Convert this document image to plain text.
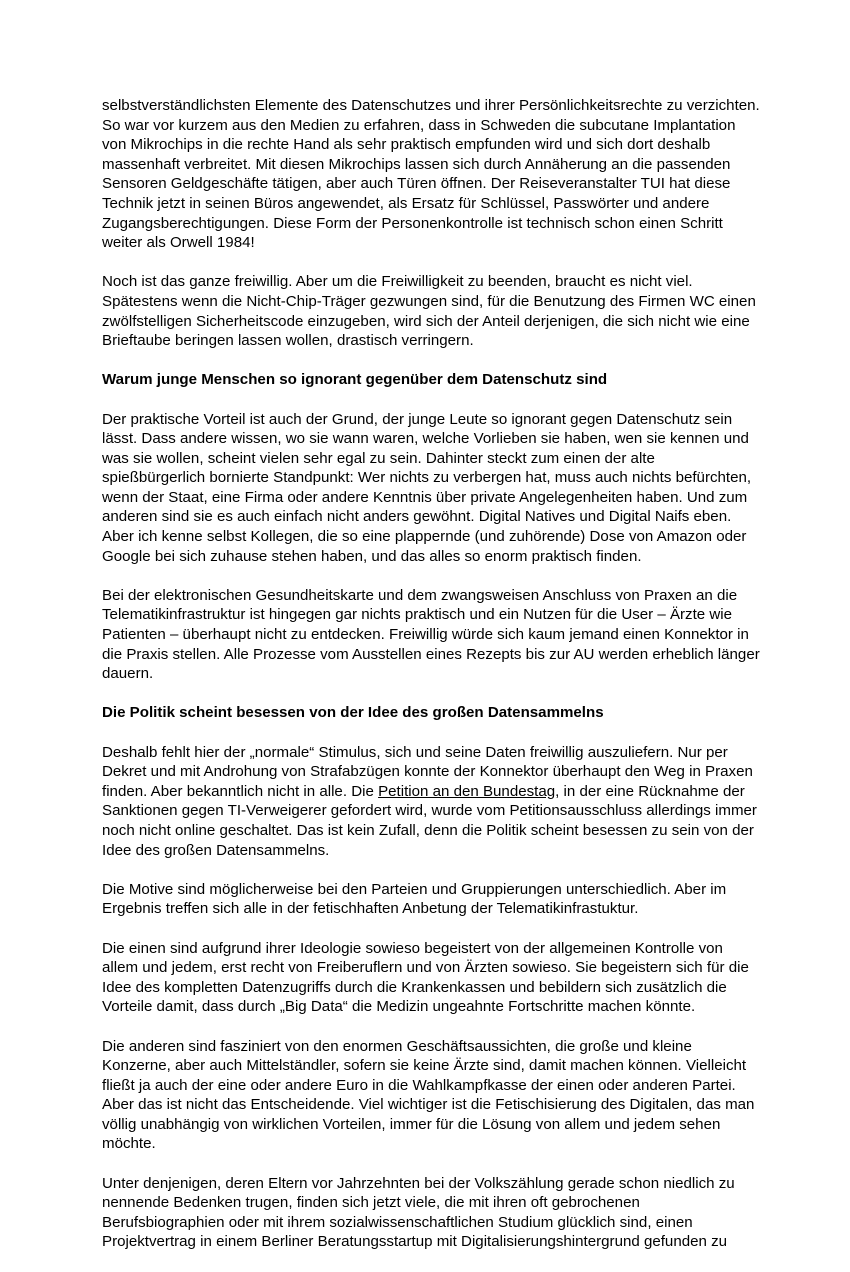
selbstverständlichsten Elemente des Datenschutzes und ihrer Persönlichkeitsrechte zu verzichten. So war vor kurzem aus den Medien zu erfahren, dass in Schweden die subcutane Implantation von Mikrochips in die rechte Hand als sehr praktisch empfunden wird und sich dort deshalb massenhaft verbreitet. Mit diesen Mikrochips lassen sich durch Annäherung an die passenden Sensoren Geldgeschäfte tätigen, aber auch Türen öffnen. Der Reiseveranstalter TUI hat diese Technik jetzt in seinen Büros angewendet, als Ersatz für Schlüssel, Passwörter und andere Zugangsberechtigungen. Diese Form der Personenkontrolle ist technisch schon einen Schritt weiter als Orwell 1984!

Noch ist das ganze freiwillig. Aber um die Freiwilligkeit zu beenden, braucht es nicht viel. Spätestens wenn die Nicht-Chip-Träger gezwungen sind, für die Benutzung des Firmen WC einen zwölfstelligen Sicherheitscode einzugeben, wird sich der Anteil derjenigen, die sich nicht wie eine Brieftaube beringen lassen wollen, drastisch verringern.

Warum junge Menschen so ignorant gegenüber dem Datenschutz sind

Der praktische Vorteil ist auch der Grund, der junge Leute so ignorant gegen Datenschutz sein lässt. Dass andere wissen, wo sie wann waren, welche Vorlieben sie haben, wen sie kennen und was sie wollen, scheint vielen sehr egal zu sein. Dahinter steckt zum einen der alte spießbürgerlich bornierte Standpunkt: Wer nichts zu verbergen hat, muss auch nichts befürchten, wenn der Staat, eine Firma oder andere Kenntnis über private Angelegenheiten haben. Und zum anderen sind sie es auch einfach nicht anders gewöhnt. Digital Natives und Digital Naifs eben. Aber ich kenne selbst Kollegen, die so eine plappernde (und zuhörende) Dose von Amazon oder Google bei sich zuhause stehen haben, und das alles so enorm praktisch finden.

Bei der elektronischen Gesundheitskarte und dem zwangsweisen Anschluss von Praxen an die Telematikinfrastruktur ist hingegen gar nichts praktisch und ein Nutzen für die User – Ärzte wie Patienten – überhaupt nicht zu entdecken. Freiwillig würde sich kaum jemand einen Konnektor in die Praxis stellen. Alle Prozesse vom Ausstellen eines Rezepts bis zur AU werden erheblich länger dauern.

Die Politik scheint besessen von der Idee des großen Datensammelns

Deshalb fehlt hier der „normale“ Stimulus, sich und seine Daten freiwillig auszuliefern. Nur per Dekret und mit Androhung von Strafabzügen konnte der Konnektor überhaupt den Weg in Praxen finden. Aber bekanntlich nicht in alle. Die Petition an den Bundestag, in der eine Rücknahme der Sanktionen gegen TI-Verweigerer gefordert wird, wurde vom Petitionsausschluss allerdings immer noch nicht online geschaltet. Das ist kein Zufall, denn die Politik scheint besessen zu sein von der Idee des großen Datensammelns.

Die Motive sind möglicherweise bei den Parteien und Gruppierungen unterschiedlich. Aber im Ergebnis treffen sich alle in der fetischhaften Anbetung der Telematikinfrastuktur.

Die einen sind aufgrund ihrer Ideologie sowieso begeistert von der allgemeinen Kontrolle von allem und jedem, erst recht von Freiberuflern und von Ärzten sowieso. Sie begeistern sich für die Idee des kompletten Datenzugriffs durch die Krankenkassen und bebildern sich zusätzlich die Vorteile damit, dass durch „Big Data“ die Medizin ungeahnte Fortschritte machen könnte.

Die anderen sind fasziniert von den enormen Geschäftsaussichten, die große und kleine Konzerne, aber auch Mittelständler, sofern sie keine Ärzte sind, damit machen können. Vielleicht fließt ja auch der eine oder andere Euro in die Wahlkampfkasse der einen oder anderen Partei. Aber das ist nicht das Entscheidende. Viel wichtiger ist die Fetischisierung des Digitalen, das man völlig unabhängig von wirklichen Vorteilen, immer für die Lösung von allem und jedem sehen möchte.

Unter denjenigen, deren Eltern vor Jahrzehnten bei der Volkszählung gerade schon niedlich zu nennende Bedenken trugen, finden sich jetzt viele, die mit ihren oft gebrochenen Berufsbiographien oder mit ihrem sozialwissenschaftlichen Studium glücklich sind, einen Projektvertrag in einem Berliner Beratungsstartup mit Digitalisierungshintergrund gefunden zu
